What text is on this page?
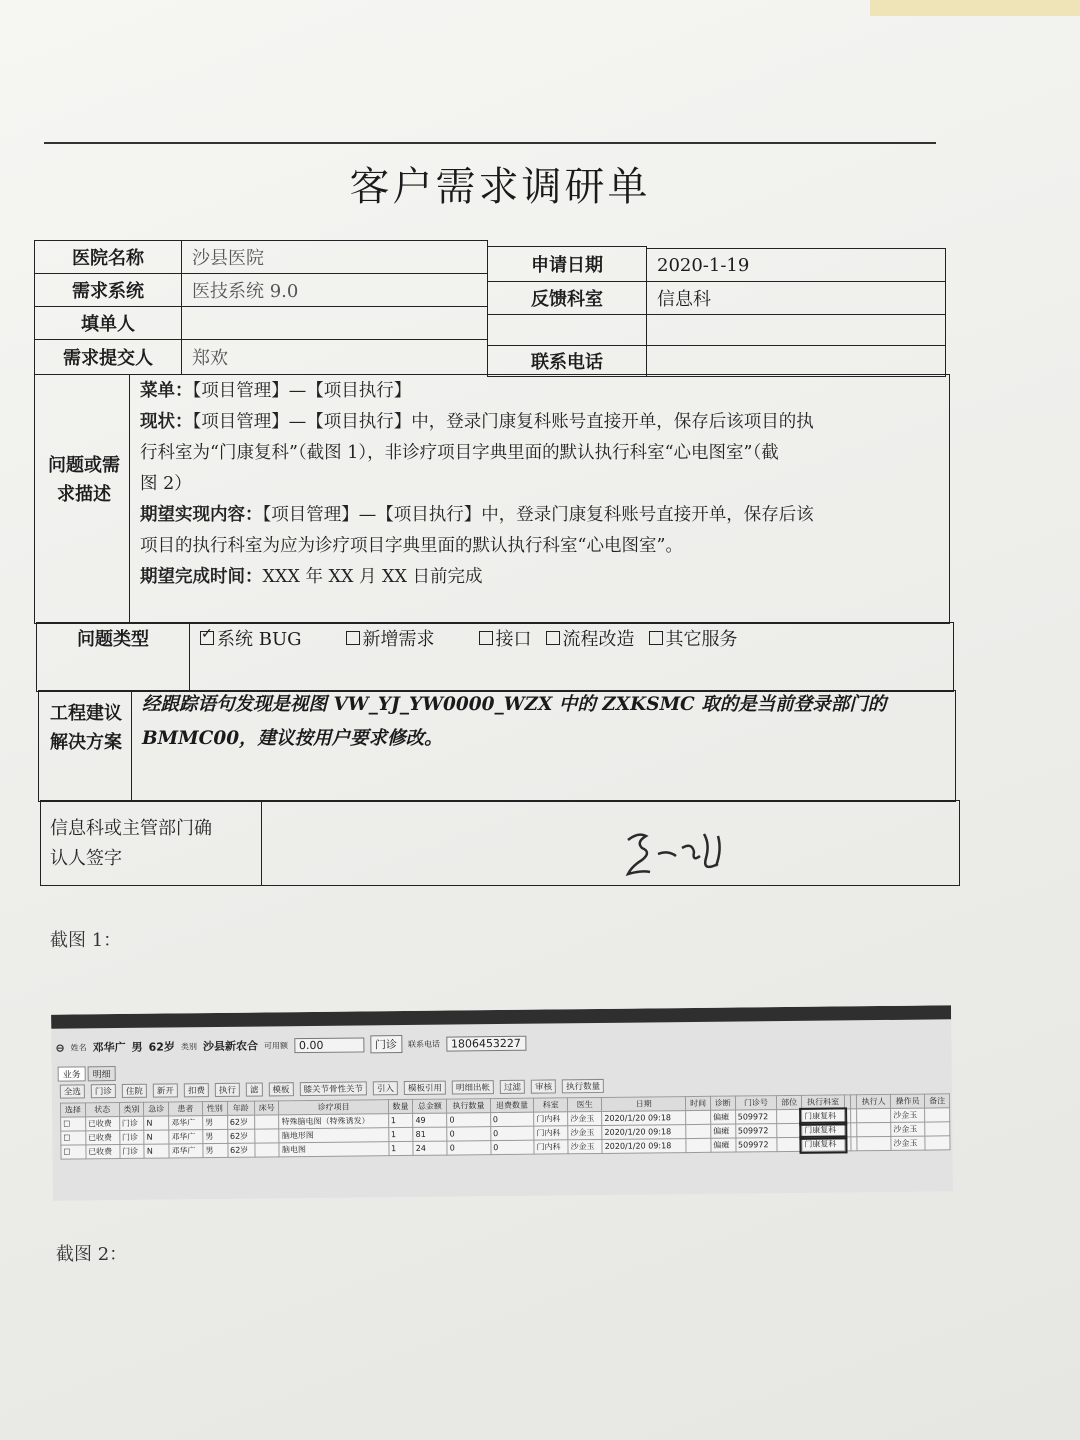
客户需求调研单
医院名称	沙县医院	申请日期	2020-1-19
需求系统	医技系统 9.0	反馈科室	信息科
填单人
需求提交人	郑欢	联系电话
问题或需求描述
菜单：【项目管理】—【项目执行】
现状：【项目管理】—【项目执行】中，登录门康复科账号直接开单，保存后该项目的执
行科室为“门康复科”（截图 1），非诊疗项目字典里面的默认执行科室“心电图室”（截
图 2）
期望实现内容：【项目管理】—【项目执行】中，登录门康复科账号直接开单，保存后该
项目的执行科室为应为诊疗项目字典里面的默认执行科室“心电图室”。
期望完成时间：XXX 年 XX 月 XX 日前完成
问题类型 ✓	系统 BUG	新增需求	接口 流程改造 其它服务
工程建议解决方案
经跟踪语句发现是视图 VW_YJ_YW0000_WZX 中的 ZXKSMC 取的是当前登录部门的
BMMC00，建议按用户要求修改。
信息科或主管部门确
认人签字
截图 1：
⊖ 姓名 邓华广 男 62岁 类别 沙县新农合 可用额 0.00	门诊	联系电话 1806453227
业务	明细
全选	门诊	住院	新开	扣费	执行	滤	模板	膝关节骨性关节	引入	模板引用	明细出帐	过滤	审核	执行数量
选择	状态	类别	急诊	患者	性别	年龄	床号	诊疗项目	数量	总金额	执行数量	退费数量	科室	医生	日期	时间	诊断	门诊号	部位	执行科室			执行人	操作员	备注
☐	已收费	门诊	N	邓华广	男	62岁		特殊脑电图（特殊诱发）	1	49	0	0	门内科	沙金玉	2020/1/20 09:18		偏瘫	509972		门康复科				沙金玉	
☐	已收费	门诊	N	邓华广	男	62岁		脑地形图	1	81	0	0	门内科	沙金玉	2020/1/20 09:18		偏瘫	509972		门康复科				沙金玉	
☐	已收费	门诊	N	邓华广	男	62岁		脑电图	1	24	0	0	门内科	沙金玉	2020/1/20 09:18		偏瘫	509972		门康复科				沙金玉	
截图 2：
